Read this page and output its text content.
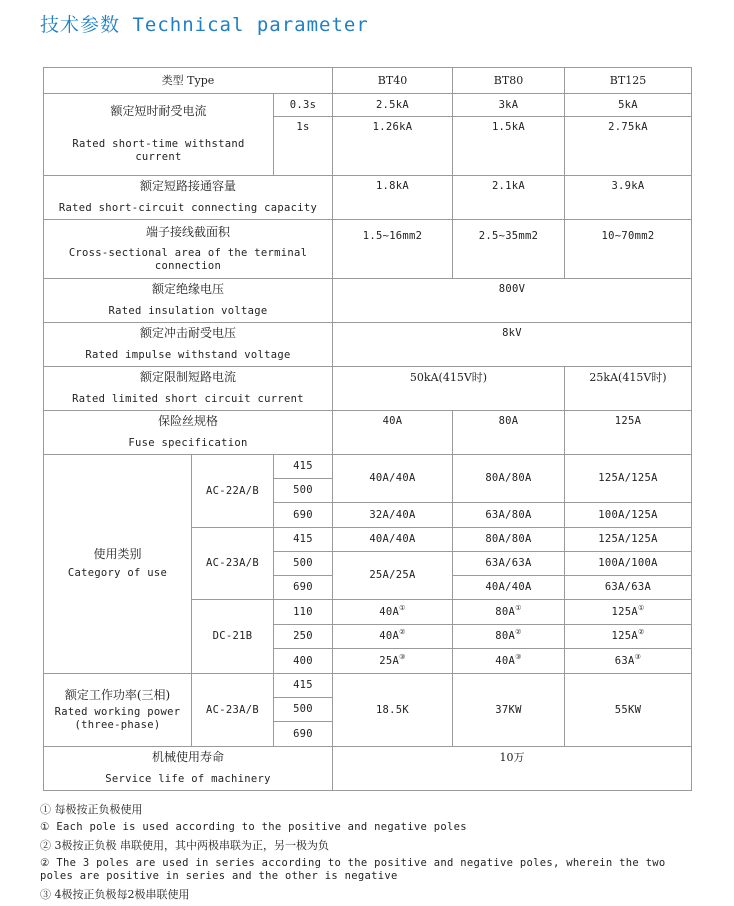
技术参数 Technical parameter
类型 Type			BT40	BT80	BT125

额定短时耐受电流
Rated short-time withstand current		0.3s	2.5kA	3kA	5kA
		1s	1.26kA	1.5kA	2.75kA

额定短路接通容量
Rated short-circuit connecting capacity			1.8kA	2.1kA	3.9kA

端子接线截面积
Cross-sectional area of the terminal connection			1.5~16mm2	2.5~35mm2	10~70mm2

额定绝缘电压
Rated insulation voltage			800V		

额定冲击耐受电压
Rated impulse withstand voltage			8kV		

额定限制短路电流
Rated limited short circuit current			50kA(415V时)		25kA(415V时)

保险丝规格
Fuse specification			40A	80A	125A

使用类别
Category of use	AC-22A/B	415	40A/40A	80A/80A	125A/125A
		500			
		690	32A/40A	63A/80A	100A/125A
	AC-23A/B	415	40A/40A	80A/80A	125A/125A
		500	25A/25A	63A/63A	100A/100A
		690		40A/40A	63A/63A
	DC-21B	110	40A①	80A①	125A①
		250	40A②	80A②	125A②
		400	25A③	40A③	63A③

额定工作功率(三相)
Rated working power (three-phase)	AC-23A/B	415	18.5K	37KW	55KW
		500			
		690			

机械使用寿命
Service life of machinery			10万		
① 每极按正负极使用
① Each pole is used according to the positive and negative poles
② 3极按正负极 串联使用，其中两极串联为正，另一极为负
② The 3 poles are used in series according to the positive and negative poles, wherein the two poles are positive in series and the other is negative
③ 4极按正负极每2极串联使用
